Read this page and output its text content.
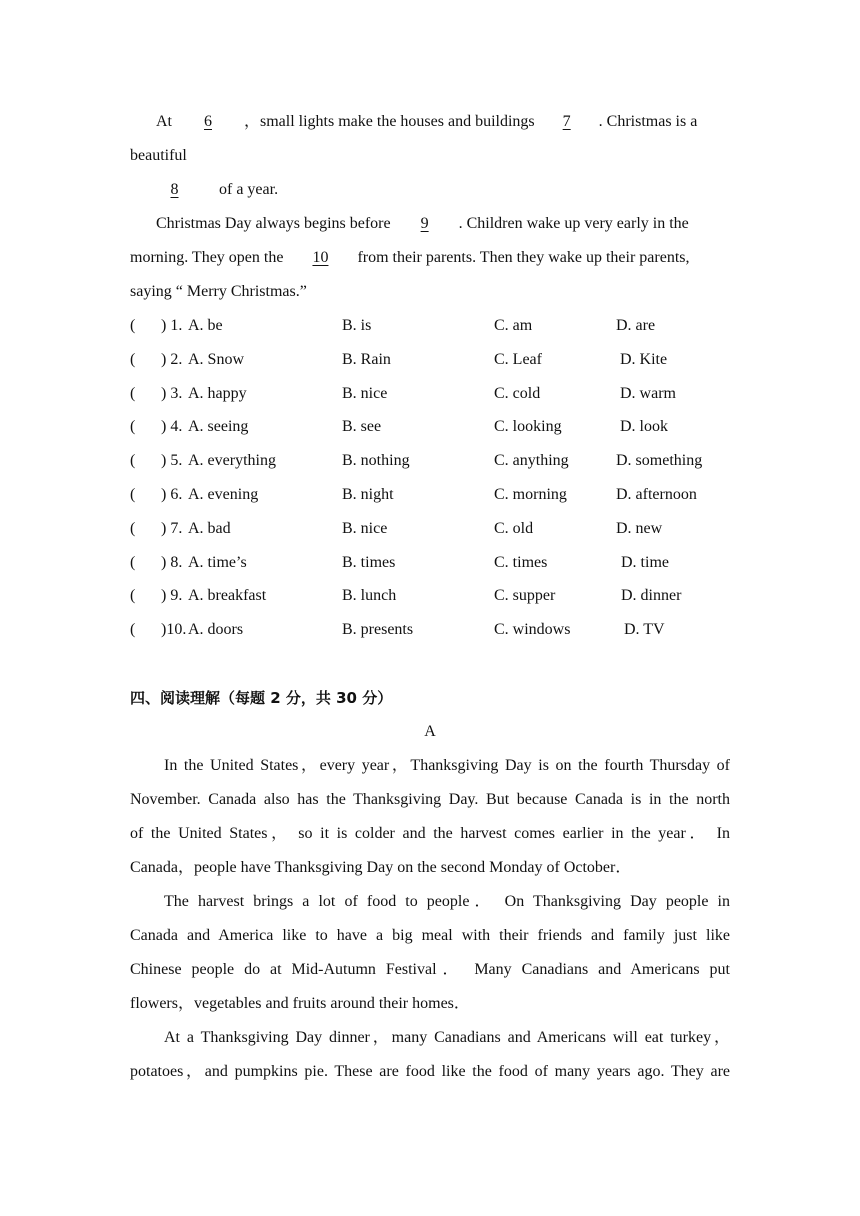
At 6 ，small lights make the houses and buildings 7 . Christmas is a
beautiful
8	of a year.
Christmas Day always begins before 9 . Children wake up very early in the
morning. They open the 10 from their parents. Then they wake up their parents,
saying “ Merry Christmas.”
( ) 1. A. be	B. is	C. am	D. are
( ) 2. A. Snow	B. Rain	C. Leaf	D. Kite
( ) 3. A. happy	B. nice	C. cold	D. warm
( ) 4. A. seeing	B. see	C. looking	D. look
( ) 5. A. everything	B. nothing	C. anything	D. something
( ) 6. A. evening	B. night	C. morning	D. afternoon
( ) 7. A. bad	B. nice	C. old	D. new
( ) 8. A. time’s	B. times	C. times	D. time
( ) 9. A. breakfast	B. lunch	C. supper	D. dinner
( )10. A. doors	B. presents	C. windows	D. TV
四、阅读理解（每题 2 分，共 30 分）
A
In the United States，every year，Thanksgiving Day is on the fourth Thursday of
November. Canada also has the Thanksgiving Day. But because Canada is in the north
of the United States， so it is colder and the harvest comes earlier in the year． In
Canada，people have Thanksgiving Day on the second Monday of October．
The harvest brings a lot of food to people． On Thanksgiving Day people in
Canada and America like to have a big meal with their friends and family just like
Chinese people do at Mid-Autumn Festival． Many Canadians and Americans put
flowers，vegetables and fruits around their homes．
At a Thanksgiving Day dinner，many Canadians and Americans will eat turkey，
potatoes，and pumpkins pie. These are food like the food of many years ago. They are
